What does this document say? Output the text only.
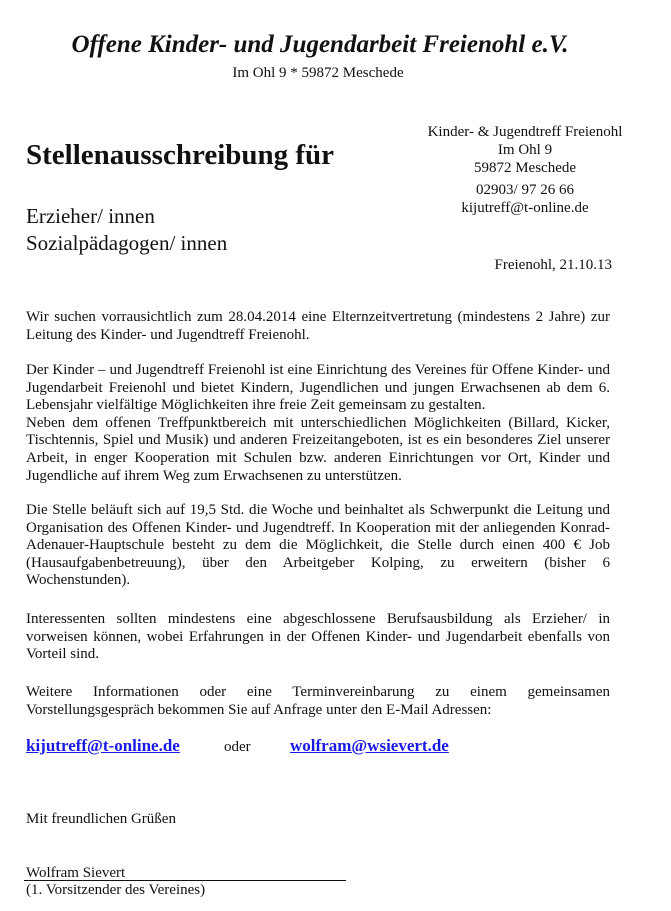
Offene Kinder- und Jugendarbeit Freienohl e.V.
Im Ohl 9 * 59872 Meschede
Kinder- & Jugendtreff Freienohl
Im Ohl 9
59872 Meschede
02903/ 97 26 66
kijutreff@t-online.de
Stellenausschreibung für
Erzieher/ innen
Sozialpädagogen/ innen
Freienohl, 21.10.13

Wir suchen vorrausichtlich zum 28.04.2014 eine Elternzeitvertretung (mindestens 2 Jahre) zur Leitung des Kinder- und Jugendtreff Freienohl.

Der Kinder – und Jugendtreff Freienohl ist eine Einrichtung des Vereines für Offene Kinder- und Jugendarbeit Freienohl und bietet Kindern, Jugendlichen und jungen Erwachsenen ab dem 6. Lebensjahr vielfältige Möglichkeiten ihre freie Zeit gemeinsam zu gestalten.
Neben dem offenen Treffpunktbereich mit unterschiedlichen Möglichkeiten (Billard, Kicker, Tischtennis, Spiel und Musik) und anderen Freizeitangeboten, ist es ein besonderes Ziel unserer Arbeit, in enger Kooperation mit Schulen bzw. anderen Einrichtungen vor Ort, Kinder und Jugendliche auf ihrem Weg zum Erwachsenen zu unterstützen.

Die Stelle beläuft sich auf 19,5 Std. die Woche und beinhaltet als Schwerpunkt die Leitung und Organisation des Offenen Kinder- und Jugendtreff. In Kooperation mit der anliegenden Konrad-Adenauer-Hauptschule besteht zu dem die Möglichkeit, die Stelle durch einen 400 € Job (Hausaufgabenbetreuung), über den Arbeitgeber Kolping, zu erweitern (bisher 6 Wochenstunden).

Interessenten sollten mindestens eine abgeschlossene Berufsausbildung als Erzieher/ in vorweisen können, wobei Erfahrungen in der Offenen Kinder- und Jugendarbeit ebenfalls von Vorteil sind.

Weitere Informationen oder eine Terminvereinbarung zu einem gemeinsamen Vorstellungsgespräch bekommen Sie auf Anfrage unter den E-Mail Adressen:

kijutreff@t-online.de	oder wolfram@wsievert.de
Mit freundlichen Grüßen
Wolfram Sievert
(1. Vorsitzender des Vereines)
